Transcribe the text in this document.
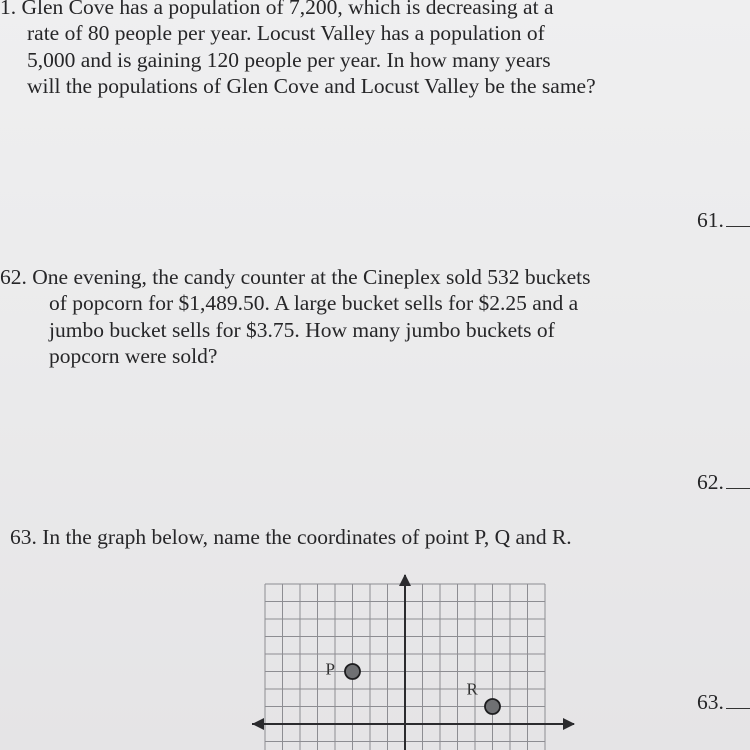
1. Glen Cove has a population of 7,200, which is decreasing at a
rate of 80 people per year. Locust Valley has a population of
5,000 and is gaining 120 people per year. In how many years
will the populations of Glen Cove and Locust Valley be the same?
61.
62. One evening, the candy counter at the Cineplex sold 532 buckets
of popcorn for $1,489.50. A large bucket sells for $2.25 and a
jumbo bucket sells for $3.75. How many jumbo buckets of
popcorn were sold?
62.
63. In the graph below, name the coordinates of point P, Q and R.
63.
P
R
